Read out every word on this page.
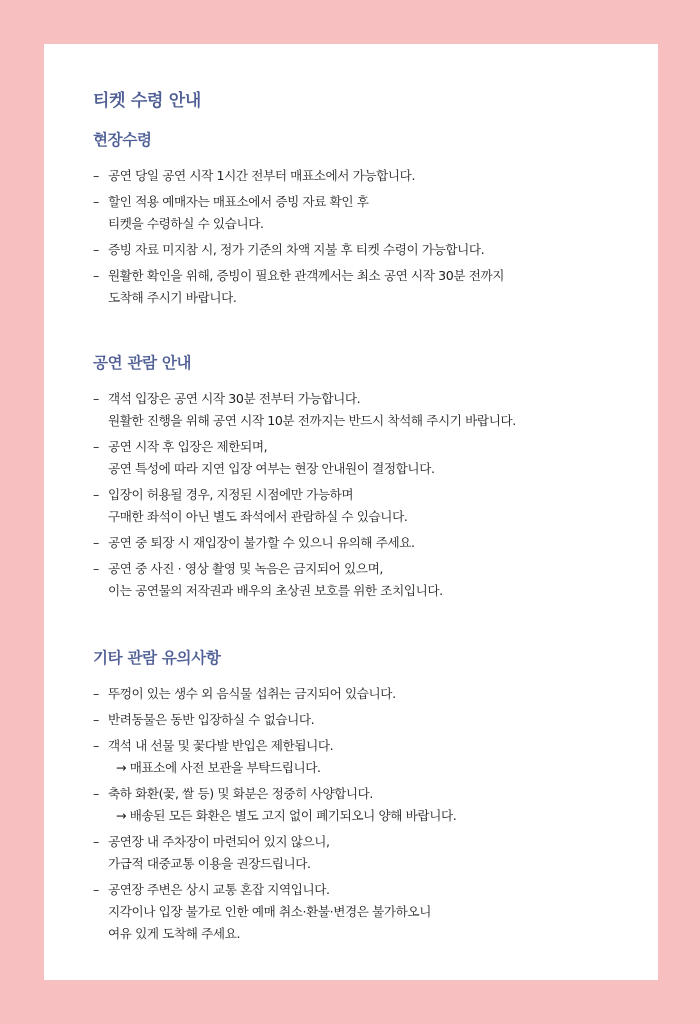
티켓 수령 안내
현장수령
– 공연 당일 공연 시작 1시간 전부터 매표소에서 가능합니다.
– 할인 적용 예매자는 매표소에서 증빙 자료 확인 후
티켓을 수령하실 수 있습니다.
– 증빙 자료 미지참 시, 정가 기준의 차액 지불 후 티켓 수령이 가능합니다.
– 원활한 확인을 위해, 증빙이 필요한 관객께서는 최소 공연 시작 30분 전까지
도착해 주시기 바랍니다.
공연 관람 안내
– 객석 입장은 공연 시작 30분 전부터 가능합니다.
원활한 진행을 위해 공연 시작 10분 전까지는 반드시 착석해 주시기 바랍니다.
– 공연 시작 후 입장은 제한되며,
공연 특성에 따라 지연 입장 여부는 현장 안내원이 결정합니다.
– 입장이 허용될 경우, 지정된 시점에만 가능하며
구매한 좌석이 아닌 별도 좌석에서 관람하실 수 있습니다.
– 공연 중 퇴장 시 재입장이 불가할 수 있으니 유의해 주세요.
– 공연 중 사진 · 영상 촬영 및 녹음은 금지되어 있으며,
이는 공연물의 저작권과 배우의 초상권 보호를 위한 조치입니다.
기타 관람 유의사항
– 뚜껑이 있는 생수 외 음식물 섭취는 금지되어 있습니다.
– 반려동물은 동반 입장하실 수 없습니다.
– 객석 내 선물 및 꽃다발 반입은 제한됩니다.
→ 매표소에 사전 보관을 부탁드립니다.
– 축하 화환(꽃, 쌀 등) 및 화분은 정중히 사양합니다.
→ 배송된 모든 화환은 별도 고지 없이 폐기되오니 양해 바랍니다.
– 공연장 내 주차장이 마련되어 있지 않으니,
가급적 대중교통 이용을 권장드립니다.
– 공연장 주변은 상시 교통 혼잡 지역입니다.
지각이나 입장 불가로 인한 예매 취소·환불·변경은 불가하오니
여유 있게 도착해 주세요.
